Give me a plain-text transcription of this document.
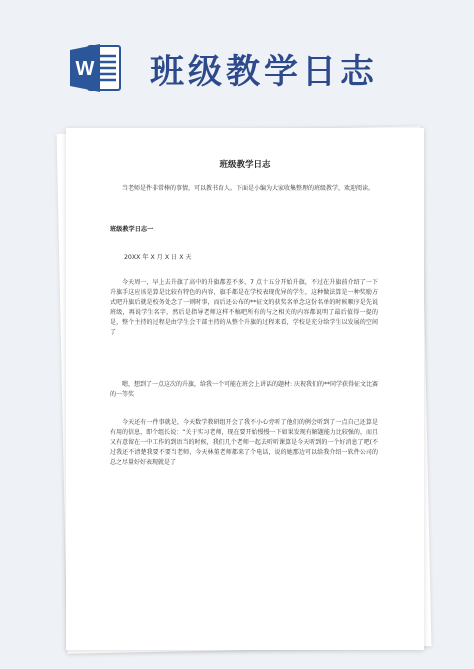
W 班级教学日志
班级教学日志

当老师是件非常棒的事情，可以教书育人。下面是小编为大家收集整理的班级教学，欢迎阅读。

班级教学日志一

20XX 年 X 月 X 日 X 天

今天周一，早上去升旗了高中的升旗都差不多，7 点十五分开始升旗，不过在升旗前介绍了一下升旗手这应该是算是比较有特色的内容，旗手都是在学校表现优异的学生，这种做法算是一种奖励方式吧升旗后就是校务处念了一则时事，而后还公布的**征文的获奖名单念这份名单的时候顺序是先说班级，再说学生名字，然后是指导老师这样不稿吧所有的与之相关的内容都说明了最后值得一提的是，整个主持的过程是由学生会干部主持的从整个升旗的过程来看，学校是充分给学生以发展的空间了

嗯，想到了一点这次的升旗，给我一个可能在班会上讲话的题材: 庆祝我们的**同学获得征文比赛的一等奖

今天还有一件事就是，今天数学教研组开会了我不小心旁听了他们的例会听到了一点自己还算是有用的信息，即个组长说：“关于实习老师，现在要开始慢慢一下如果发现有解题能力比较强的，而且又有意留在一中工作的到语当的时候，我们几个老师一起去听听课算是今天听到的一个好消息了吧(不过我还不清楚我要不要当老师，今天林董老师都来了个电话，说的她那边可以给我介绍一软件公司的总之尽量好好表现就是了
